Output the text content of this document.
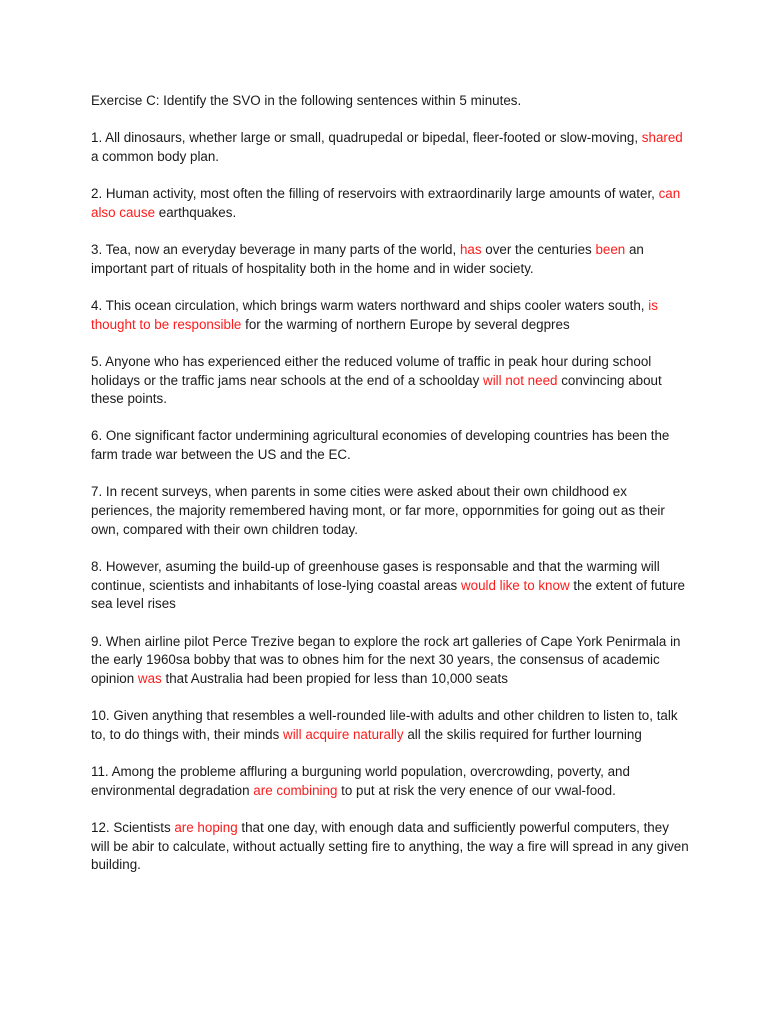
Exercise C: Identify the SVO in the following sentences within 5 minutes.

1. All dinosaurs, whether large or small, quadrupedal or bipedal, fleer-footed or slow-moving, shared a common body plan.

2. Human activity, most often the filling of reservoirs with extraordinarily large amounts of water, can also cause earthquakes.

3. Tea, now an everyday beverage in many parts of the world, has over the centuries been an important part of rituals of hospitality both in the home and in wider society.

4. This ocean circulation, which brings warm waters northward and ships cooler waters south, is thought to be responsible for the warming of northern Europe by several degpres

5. Anyone who has experienced either the reduced volume of traffic in peak hour during school holidays or the traffic jams near schools at the end of a schoolday will not need convincing about these points.

6. One significant factor undermining agricultural economies of developing countries has been the farm trade war between the US and the EC.

7. In recent surveys, when parents in some cities were asked about their own childhood ex periences, the majority remembered having mont, or far more, oppornmities for going out as their own, compared with their own children today.

8. However, asuming the build-up of greenhouse gases is responsable and that the warming will continue, scientists and inhabitants of lose-lying coastal areas would like to know the extent of future sea level rises

9. When airline pilot Perce Trezive began to explore the rock art galleries of Cape York Penirmala in the early 1960sa bobby that was to obnes him for the next 30 years, the consensus of academic opinion was that Australia had been propied for less than 10,000 seats

10. Given anything that resembles a well-rounded lile-with adults and other children to listen to, talk to, to do things with, their minds will acquire naturally all the skilis required for further lourning

11. Among the probleme affluring a burguning world population, overcrowding, poverty, and environmental degradation are combining to put at risk the very enence of our vwal-food.

12. Scientists are hoping that one day, with enough data and sufficiently powerful computers, they will be abir to calculate, without actually setting fire to anything, the way a fire will spread in any given building.
